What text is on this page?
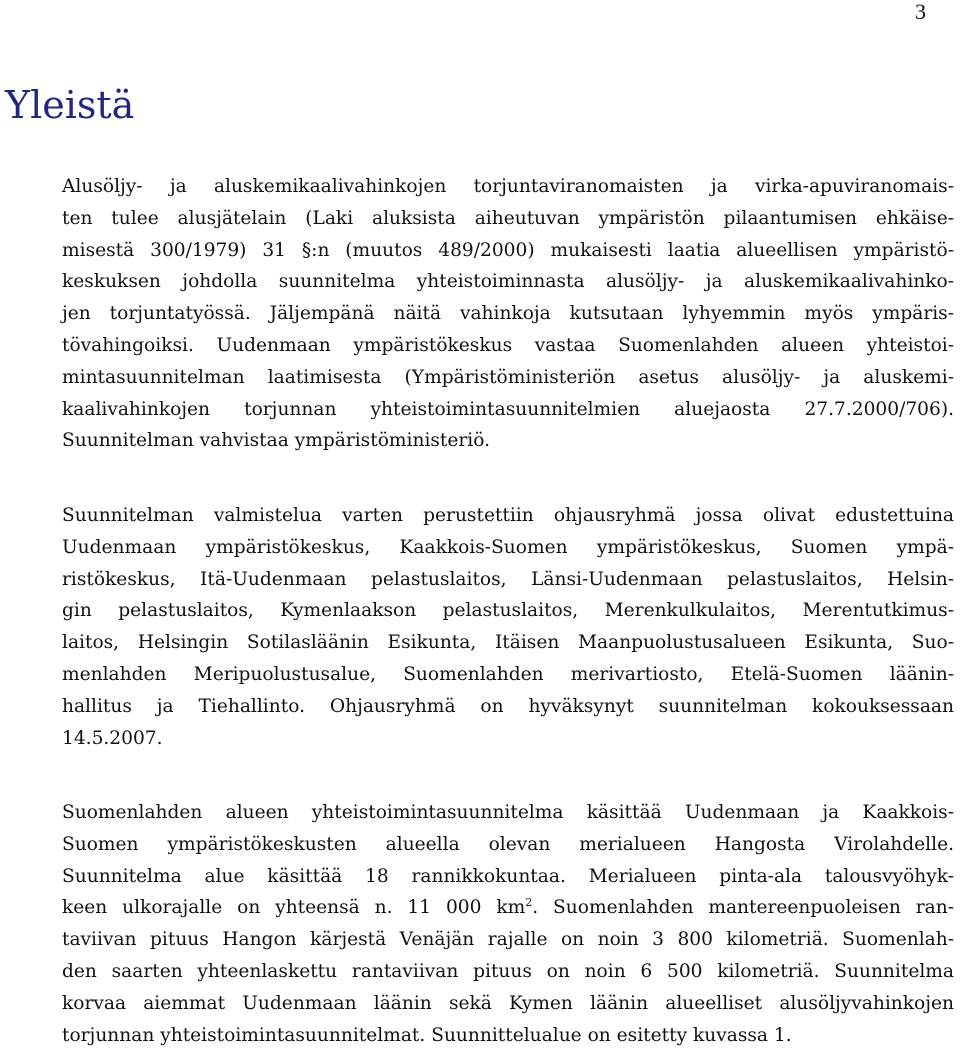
3
Yleistä
Alusöljy- ja aluskemikaalivahinkojen torjuntaviranomaisten ja virka-apuviranomais-
ten tulee alusjätelain (Laki aluksista aiheutuvan ympäristön pilaantumisen ehkäise-
misestä 300/1979) 31 §:n (muutos 489/2000) mukaisesti laatia alueellisen ympäristö-
keskuksen johdolla suunnitelma yhteistoiminnasta alusöljy- ja aluskemikaalivahinko-
jen torjuntatyössä. Jäljempänä näitä vahinkoja kutsutaan lyhyemmin myös ympäris-
tövahingoiksi. Uudenmaan ympäristökeskus vastaa Suomenlahden alueen yhteistoi-
mintasuunnitelman laatimisesta (Ympäristöministeriön asetus alusöljy- ja aluskemi-
kaalivahinkojen torjunnan yhteistoimintasuunnitelmien aluejaosta 27.7.2000/706).
Suunnitelman vahvistaa ympäristöministeriö.
Suunnitelman valmistelua varten perustettiin ohjausryhmä jossa olivat edustettuina
Uudenmaan ympäristökeskus, Kaakkois-Suomen ympäristökeskus, Suomen ympä-
ristökeskus, Itä-Uudenmaan pelastuslaitos, Länsi-Uudenmaan pelastuslaitos, Helsin-
gin pelastuslaitos, Kymenlaakson pelastuslaitos, Merenkulkulaitos, Merentutkimus-
laitos, Helsingin Sotilasläänin Esikunta, Itäisen Maanpuolustusalueen Esikunta, Suo-
menlahden Meripuolustusalue, Suomenlahden merivartiosto, Etelä-Suomen läänin-
hallitus ja Tiehallinto. Ohjausryhmä on hyväksynyt suunnitelman kokouksessaan
14.5.2007.
Suomenlahden alueen yhteistoimintasuunnitelma käsittää Uudenmaan ja Kaakkois-
Suomen ympäristökeskusten alueella olevan merialueen Hangosta Virolahdelle.
Suunnitelma alue käsittää 18 rannikkokuntaa. Merialueen pinta-ala talousvyöhyk-
keen ulkorajalle on yhteensä n. 11 000 $km^2$. Suomenlahden mantereenpuoleisen ran-
taviivan pituus Hangon kärjestä Venäjän rajalle on noin 3 800 kilometriä. Suomenlah-
den saarten yhteenlaskettu rantaviivan pituus on noin 6 500 kilometriä. Suunnitelma
korvaa aiemmat Uudenmaan läänin sekä Kymen läänin alueelliset alusöljyvahinkojen
torjunnan yhteistoimintasuunnitelmat. Suunnittelualue on esitetty kuvassa 1.
